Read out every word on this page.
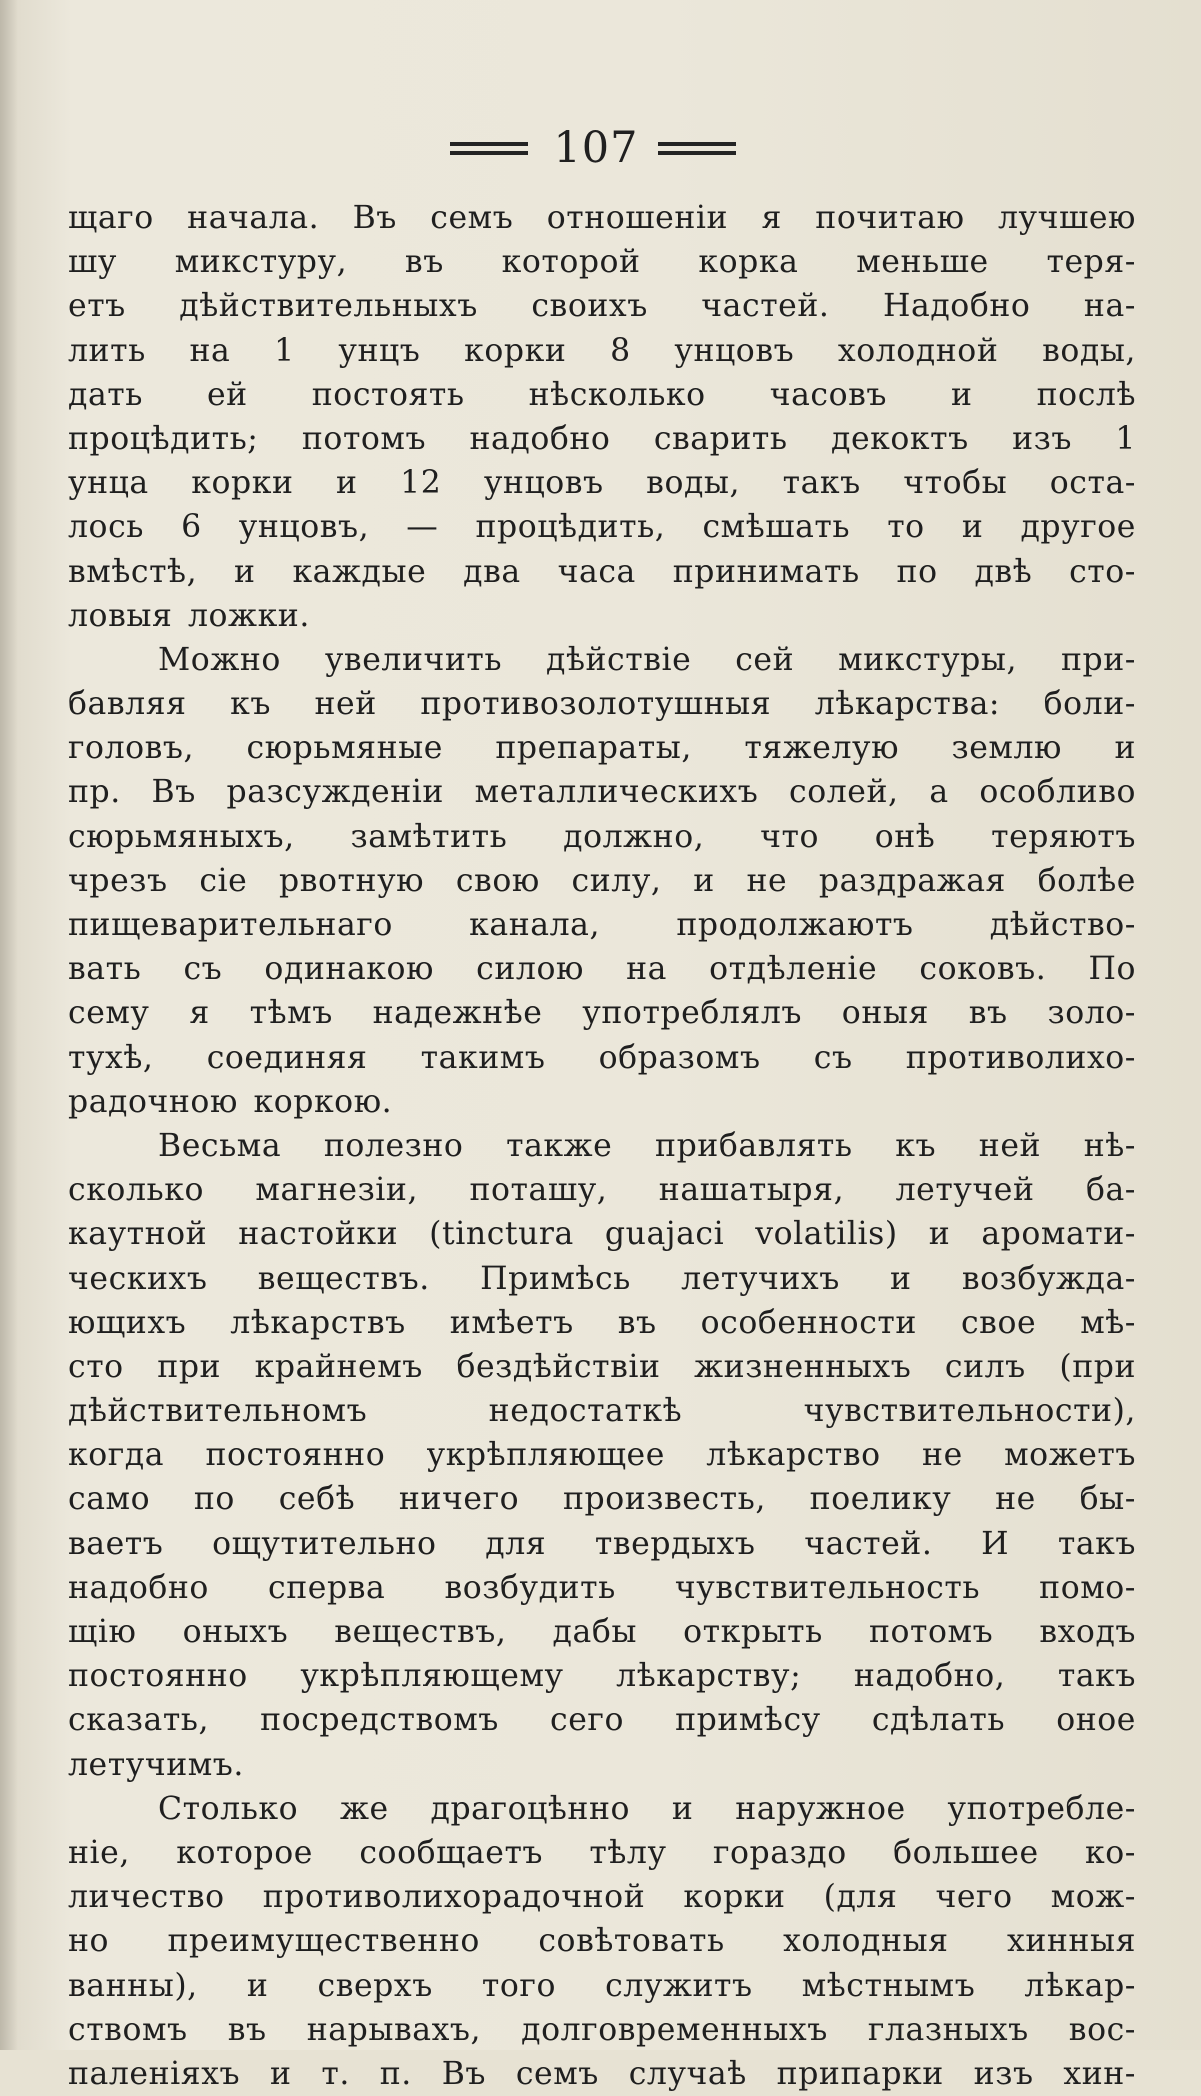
107
щаго начала. Въ семъ отношеніи я почитаю лучшею
шу микстуру, въ которой корка меньше теря-
етъ дѣйствительныхъ своихъ частей. Надобно на-
лить на 1 унцъ корки 8 унцовъ холодной воды,
дать ей постоять нѣсколько часовъ и послѣ
процѣдить; потомъ надобно сварить декоктъ изъ 1
унца корки и 12 унцовъ воды, такъ чтобы оста-
лось 6 унцовъ, — процѣдить, смѣшать то и другое
вмѣстѣ, и каждые два часа принимать по двѣ сто-
ловыя ложки.
Можно увеличить дѣйствіе сей микстуры, при-
бавляя къ ней противозолотушныя лѣкарства: боли-
головъ, сюрьмяные препараты, тяжелую землю и
пр. Въ разсужденіи металлическихъ солей, а особливо
сюрьмяныхъ, замѣтить должно, что онѣ теряютъ
чрезъ сіе рвотную свою силу, и не раздражая болѣе
пищеварительнаго канала, продолжаютъ дѣйство-
вать съ одинакою силою на отдѣленіе соковъ. По
сему я тѣмъ надежнѣе употреблялъ оныя въ золо-
тухѣ, соединяя такимъ образомъ съ противолихо-
радочною коркою.
Весьма полезно также прибавлять къ ней нѣ-
сколько магнезіи, поташу, нашатыря, летучей ба-
каутной настойки (tinctura guajaci volatilis) и аромати-
ческихъ веществъ. Примѣсь летучихъ и возбужда-
ющихъ лѣкарствъ имѣетъ въ особенности свое мѣ-
сто при крайнемъ бездѣйствіи жизненныхъ силъ (при
дѣйствительномъ недостаткѣ чувствительности),
когда постоянно укрѣпляющее лѣкарство не можетъ
само по себѣ ничего произвесть, поелику не бы-
ваетъ ощутительно для твердыхъ частей. И такъ
надобно сперва возбудить чувствительность помо-
щію оныхъ веществъ, дабы открыть потомъ входъ
постоянно укрѣпляющему лѣкарству; надобно, такъ
сказать, посредствомъ сего примѣсу сдѣлать оное
летучимъ.
Столько же драгоцѣнно и наружное употребле-
ніе, которое сообщаетъ тѣлу гораздо большее ко-
личество противолихорадочной корки (для чего мож-
но преимущественно совѣтовать холодныя хинныя
ванны), и сверхъ того служитъ мѣстнымъ лѣкар-
ствомъ въ нарывахъ, долговременныхъ глазныхъ вос-
паленіяхъ и т. п. Въ семъ случаѣ припарки изъ хин-
